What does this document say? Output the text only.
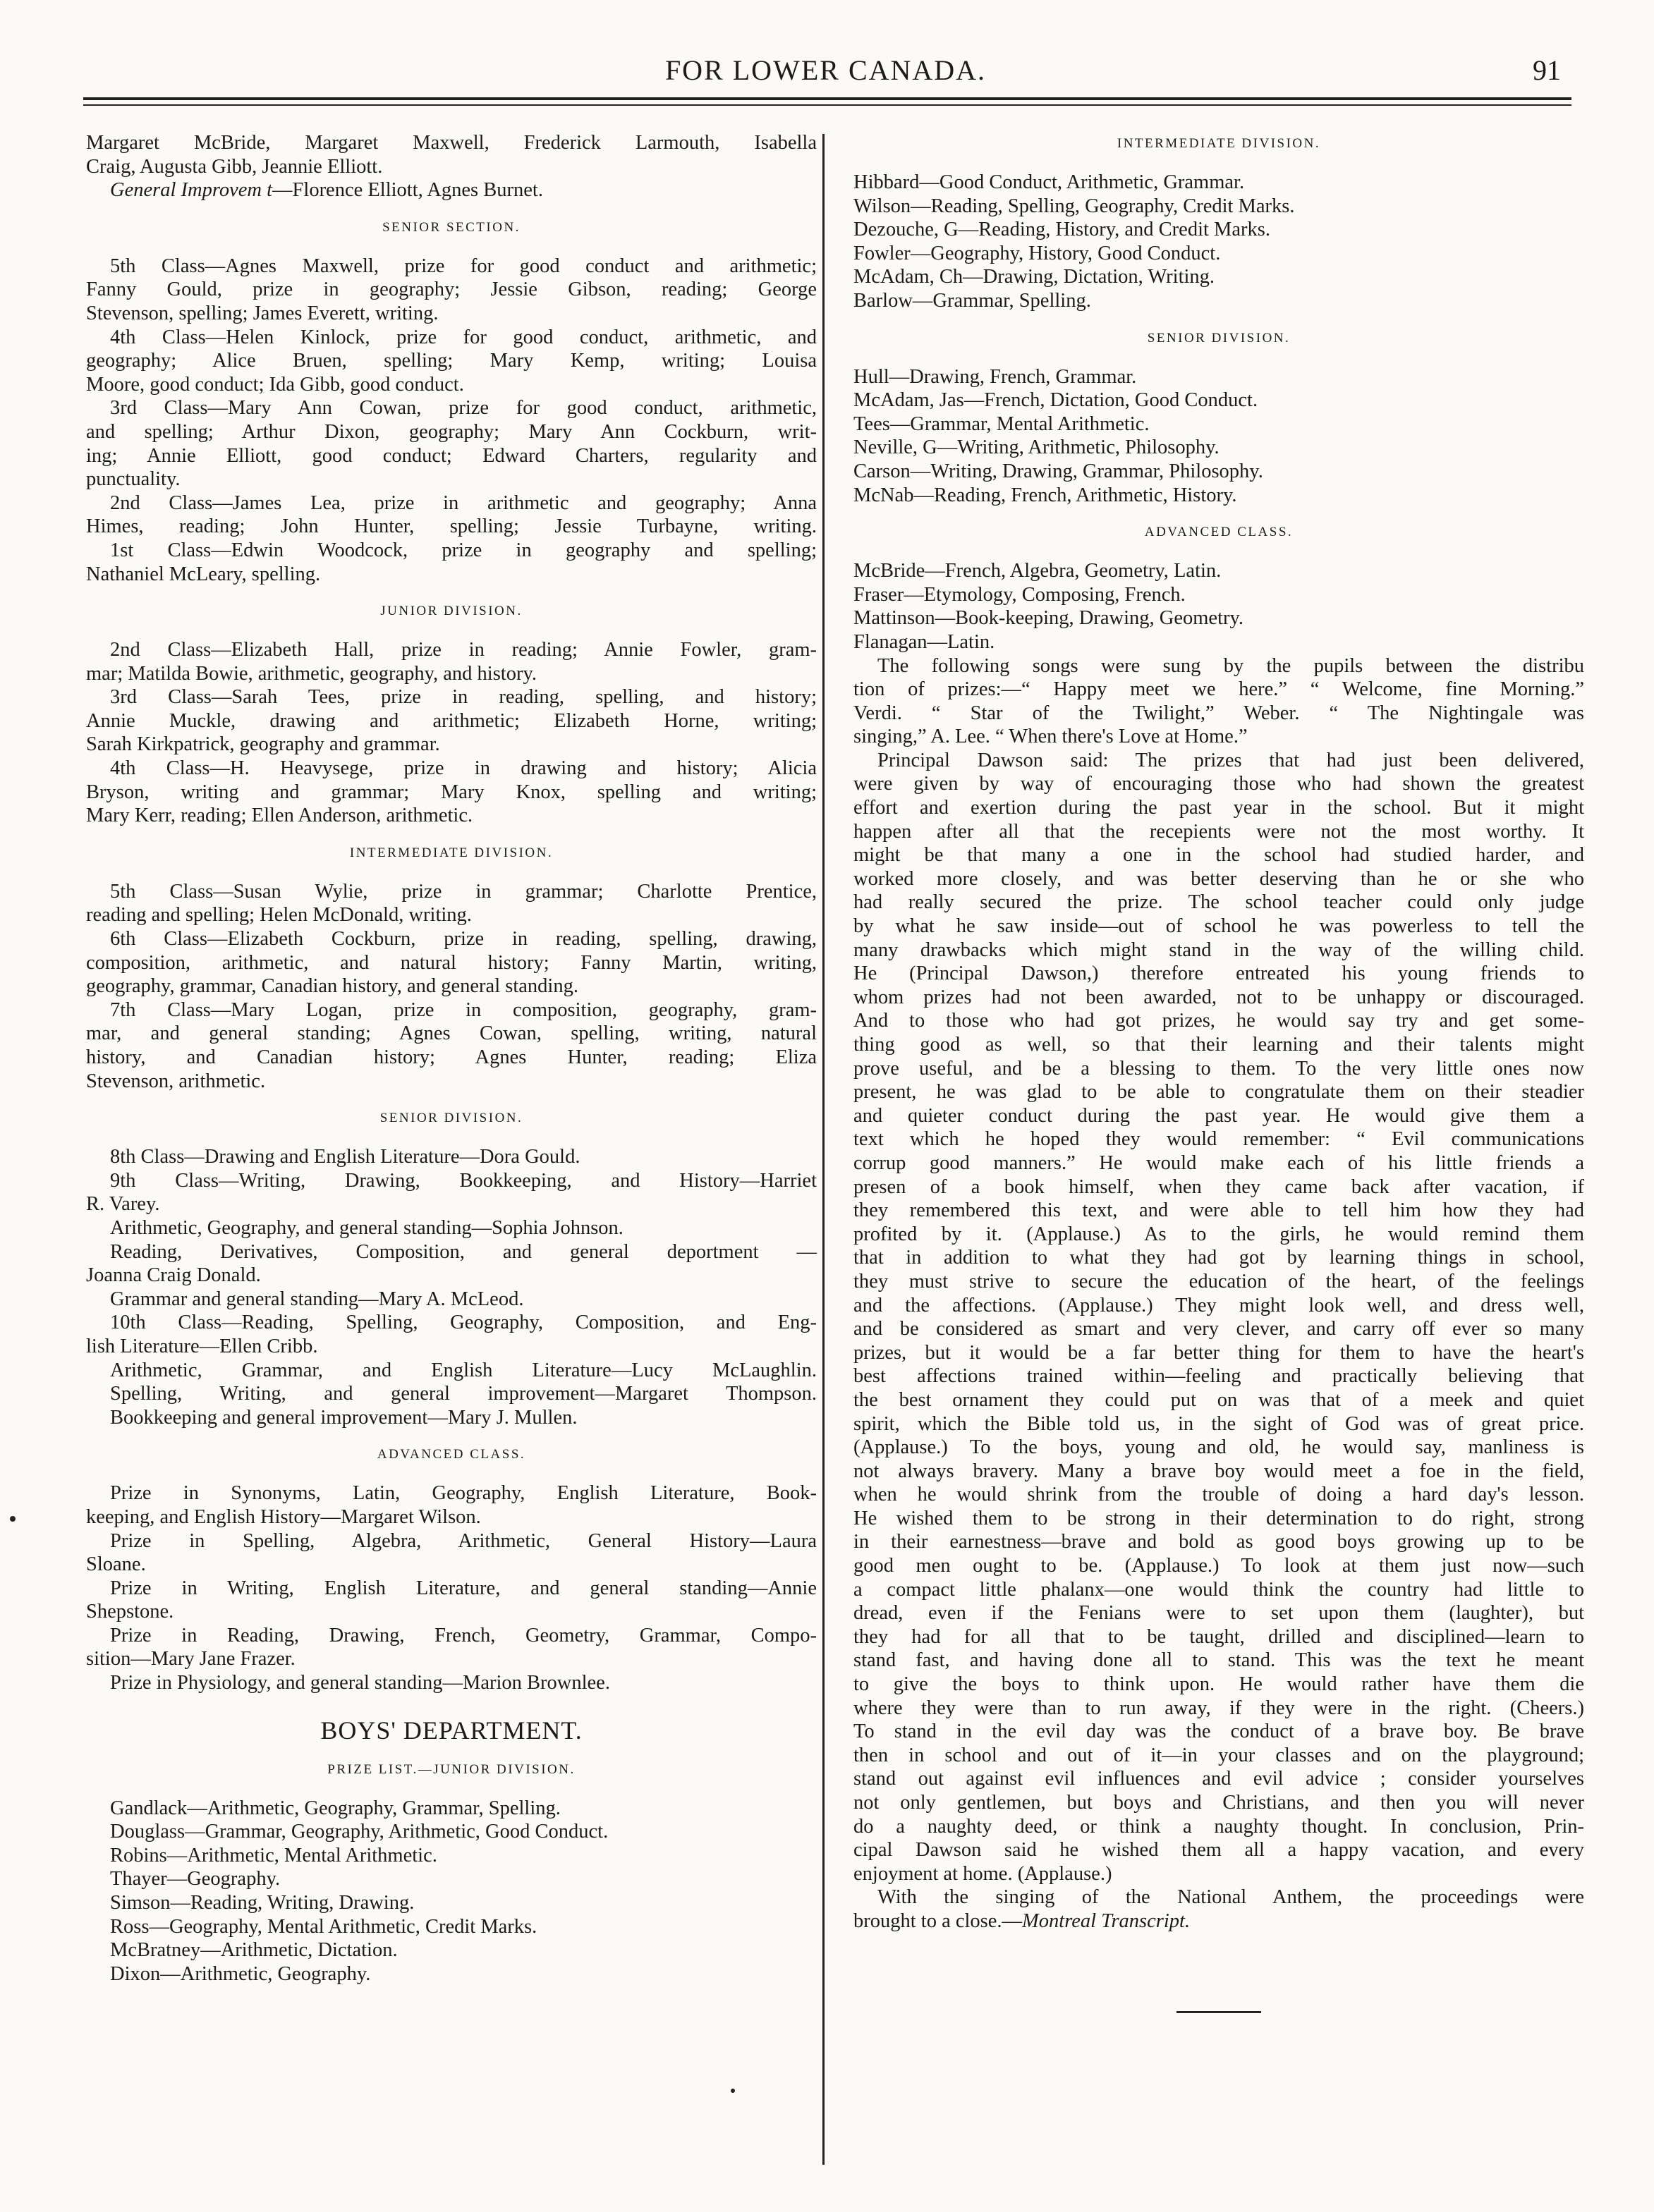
FOR LOWER CANADA.	91
Margaret McBride, Margaret Maxwell, Frederick Larmouth, Isabella
Craig, Augusta Gibb, Jeannie Elliott.
General Improvem t—Florence Elliott, Agnes Burnet.
SENIOR SECTION.
5th Class—Agnes Maxwell, prize for good conduct and arithmetic;
Fanny Gould, prize in geography; Jessie Gibson, reading; George
Stevenson, spelling; James Everett, writing.
4th Class—Helen Kinlock, prize for good conduct, arithmetic, and
geography; Alice Bruen, spelling; Mary Kemp, writing; Louisa
Moore, good conduct; Ida Gibb, good conduct.
3rd Class—Mary Ann Cowan, prize for good conduct, arithmetic,
and spelling; Arthur Dixon, geography; Mary Ann Cockburn, writ-
ing; Annie Elliott, good conduct; Edward Charters, regularity and
punctuality.
2nd Class—James Lea, prize in arithmetic and geography; Anna
Himes, reading; John Hunter, spelling; Jessie Turbayne, writing.
1st Class—Edwin Woodcock, prize in geography and spelling;
Nathaniel McLeary, spelling.
JUNIOR DIVISION.
2nd Class—Elizabeth Hall, prize in reading; Annie Fowler, gram-
mar; Matilda Bowie, arithmetic, geography, and history.
3rd Class—Sarah Tees, prize in reading, spelling, and history;
Annie Muckle, drawing and arithmetic; Elizabeth Horne, writing;
Sarah Kirkpatrick, geography and grammar.
4th Class—H. Heavysege, prize in drawing and history; Alicia
Bryson, writing and grammar; Mary Knox, spelling and writing;
Mary Kerr, reading; Ellen Anderson, arithmetic.
INTERMEDIATE DIVISION.
5th Class—Susan Wylie, prize in grammar; Charlotte Prentice,
reading and spelling; Helen McDonald, writing.
6th Class—Elizabeth Cockburn, prize in reading, spelling, drawing,
composition, arithmetic, and natural history; Fanny Martin, writing,
geography, grammar, Canadian history, and general standing.
7th Class—Mary Logan, prize in composition, geography, gram-
mar, and general standing; Agnes Cowan, spelling, writing, natural
history, and Canadian history; Agnes Hunter, reading; Eliza
Stevenson, arithmetic.
SENIOR DIVISION.
8th Class—Drawing and English Literature—Dora Gould.
9th Class—Writing, Drawing, Bookkeeping, and History—Harriet
R. Varey.
Arithmetic, Geography, and general standing—Sophia Johnson.
Reading, Derivatives, Composition, and general deportment —
Joanna Craig Donald.
Grammar and general standing—Mary A. McLeod.
10th Class—Reading, Spelling, Geography, Composition, and Eng-
lish Literature—Ellen Cribb.
Arithmetic, Grammar, and English Literature—Lucy McLaughlin.
Spelling, Writing, and general improvement—Margaret Thompson.
Bookkeeping and general improvement—Mary J. Mullen.
ADVANCED CLASS.
Prize in Synonyms, Latin, Geography, English Literature, Book-
keeping, and English History—Margaret Wilson.
Prize in Spelling, Algebra, Arithmetic, General History—Laura
Sloane.
Prize in Writing, English Literature, and general standing—Annie
Shepstone.
Prize in Reading, Drawing, French, Geometry, Grammar, Compo-
sition—Mary Jane Frazer.
Prize in Physiology, and general standing—Marion Brownlee.
BOYS' DEPARTMENT.
PRIZE LIST.—JUNIOR DIVISION.
Gandlack—Arithmetic, Geography, Grammar, Spelling.
Douglass—Grammar, Geography, Arithmetic, Good Conduct.
Robins—Arithmetic, Mental Arithmetic.
Thayer—Geography.
Simson—Reading, Writing, Drawing.
Ross—Geography, Mental Arithmetic, Credit Marks.
McBratney—Arithmetic, Dictation.
Dixon—Arithmetic, Geography.
INTERMEDIATE DIVISION.
Hibbard—Good Conduct, Arithmetic, Grammar.
Wilson—Reading, Spelling, Geography, Credit Marks.
Dezouche, G—Reading, History, and Credit Marks.
Fowler—Geography, History, Good Conduct.
McAdam, Ch—Drawing, Dictation, Writing.
Barlow—Grammar, Spelling.
SENIOR DIVISION.
Hull—Drawing, French, Grammar.
McAdam, Jas—French, Dictation, Good Conduct.
Tees—Grammar, Mental Arithmetic.
Neville, G—Writing, Arithmetic, Philosophy.
Carson—Writing, Drawing, Grammar, Philosophy.
McNab—Reading, French, Arithmetic, History.
ADVANCED CLASS.
McBride—French, Algebra, Geometry, Latin.
Fraser—Etymology, Composing, French.
Mattinson—Book-keeping, Drawing, Geometry.
Flanagan—Latin.
The following songs were sung by the pupils between the distribu
tion of prizes:—“ Happy meet we here.” “ Welcome, fine Morning.”
Verdi. “ Star of the Twilight,” Weber. “ The Nightingale was
singing,” A. Lee. “ When there's Love at Home.”
Principal Dawson said: The prizes that had just been delivered,
were given by way of encouraging those who had shown the greatest
effort and exertion during the past year in the school. But it might
happen after all that the recepients were not the most worthy. It
might be that many a one in the school had studied harder, and
worked more closely, and was better deserving than he or she who
had really secured the prize. The school teacher could only judge
by what he saw inside—out of school he was powerless to tell the
many drawbacks which might stand in the way of the willing child.
He (Principal Dawson,) therefore entreated his young friends to
whom prizes had not been awarded, not to be unhappy or discouraged.
And to those who had got prizes, he would say try and get some-
thing good as well, so that their learning and their talents might
prove useful, and be a blessing to them. To the very little ones now
present, he was glad to be able to congratulate them on their steadier
and quieter conduct during the past year. He would give them a
text which he hoped they would remember: “ Evil communications
corrup good manners.” He would make each of his little friends a
presen of a book himself, when they came back after vacation, if
they remembered this text, and were able to tell him how they had
profited by it. (Applause.) As to the girls, he would remind them
that in addition to what they had got by learning things in school,
they must strive to secure the education of the heart, of the feelings
and the affections. (Applause.) They might look well, and dress well,
and be considered as smart and very clever, and carry off ever so many
prizes, but it would be a far better thing for them to have the heart's
best affections trained within—feeling and practically believing that
the best ornament they could put on was that of a meek and quiet
spirit, which the Bible told us, in the sight of God was of great price.
(Applause.) To the boys, young and old, he would say, manliness is
not always bravery. Many a brave boy would meet a foe in the field,
when he would shrink from the trouble of doing a hard day's lesson.
He wished them to be strong in their determination to do right, strong
in their earnestness—brave and bold as good boys growing up to be
good men ought to be. (Applause.) To look at them just now—such
a compact little phalanx—one would think the country had little to
dread, even if the Fenians were to set upon them (laughter), but
they had for all that to be taught, drilled and disciplined—learn to
stand fast, and having done all to stand. This was the text he meant
to give the boys to think upon. He would rather have them die
where they were than to run away, if they were in the right. (Cheers.)
To stand in the evil day was the conduct of a brave boy. Be brave
then in school and out of it—in your classes and on the playground;
stand out against evil influences and evil advice ; consider yourselves
not only gentlemen, but boys and Christians, and then you will never
do a naughty deed, or think a naughty thought. In conclusion, Prin-
cipal Dawson said he wished them all a happy vacation, and every
enjoyment at home. (Applause.)
With the singing of the National Anthem, the proceedings were
brought to a close.—Montreal Transcript.
